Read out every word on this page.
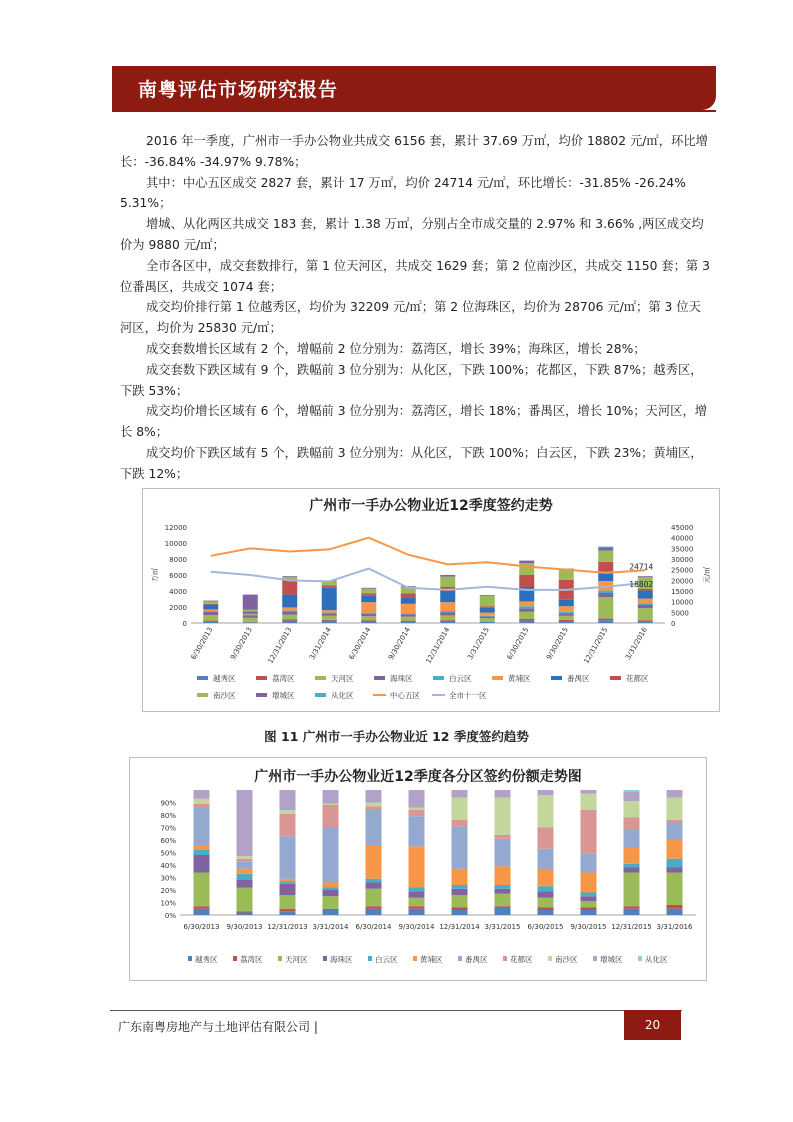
南粤评估市场研究报告

2016 年一季度，广州市一手办公物业共成交 6156 套，累计 37.69 万㎡，均价 18802 元/㎡，环比增长：-36.84% -34.97% 9.78%；

其中：中心五区成交 2827 套，累计 17 万㎡，均价 24714 元/㎡，环比增长：-31.85% -26.24% 5.31%；

增城、从化两区共成交 183 套，累计 1.38 万㎡，分别占全市成交量的 2.97% 和 3.66% ,两区成交均价为 9880 元/㎡；

全市各区中，成交套数排行，第 1 位天河区，共成交 1629 套；第 2 位南沙区，共成交 1150 套；第 3 位番禺区，共成交 1074 套；

成交均价排行第 1 位越秀区，均价为 32209 元/㎡；第 2 位海珠区，均价为 28706 元/㎡；第 3 位天河区，均价为 25830 元/㎡；

成交套数增长区域有 2 个，增幅前 2 位分别为：荔湾区，增长 39%；海珠区，增长 28%；

成交套数下跌区域有 9 个，跌幅前 3 位分别为：从化区，下跌 100%；花都区，下跌 87%；越秀区，下跌 53%；

成交均价增长区域有 6 个，增幅前 3 位分别为：荔湾区，增长 18%；番禺区，增长 10%；天河区，增长 8%；

成交均价下跌区域有 5 个，跌幅前 3 位分别为：从化区，下跌 100%；白云区，下跌 23%；黄埔区，下跌 12%；

广州市一手办公物业近12季度签约走势
12000
10000
8000
6000
4000
2000
0
45000
40000
35000
30000
25000
20000
15000
10000
5000
0
万㎡	元/㎡
6/30/2013 9/30/2013 12/31/2013 3/31/2014 6/30/2014 9/30/2014 12/31/2014 3/31/2015 6/30/2015 9/30/2015 12/31/2015 3/31/2016
24714
18802
越秀区	荔湾区	天河区	海珠区	白云区	黄埔区	番禺区	花都区
南沙区	增城区	从化区	中心五区	全市十一区
图 11 广州市一手办公物业近 12 季度签约趋势
广州市一手办公物业近12季度各分区签约份额走势图
90%
80%
70%
60%
50%
40%
30%
20%
10%
0%
6/30/2013 9/30/2013 12/31/2013 3/31/2014 6/30/2014 9/30/2014 12/31/2014 3/31/2015 6/30/2015 9/30/2015 12/31/2015 3/31/2016
越秀区	荔湾区	天河区	海珠区	白云区	黄埔区	番禺区	花都区	南沙区	增城区	从化区
广东南粤房地产与土地评估有限公司 |	20
